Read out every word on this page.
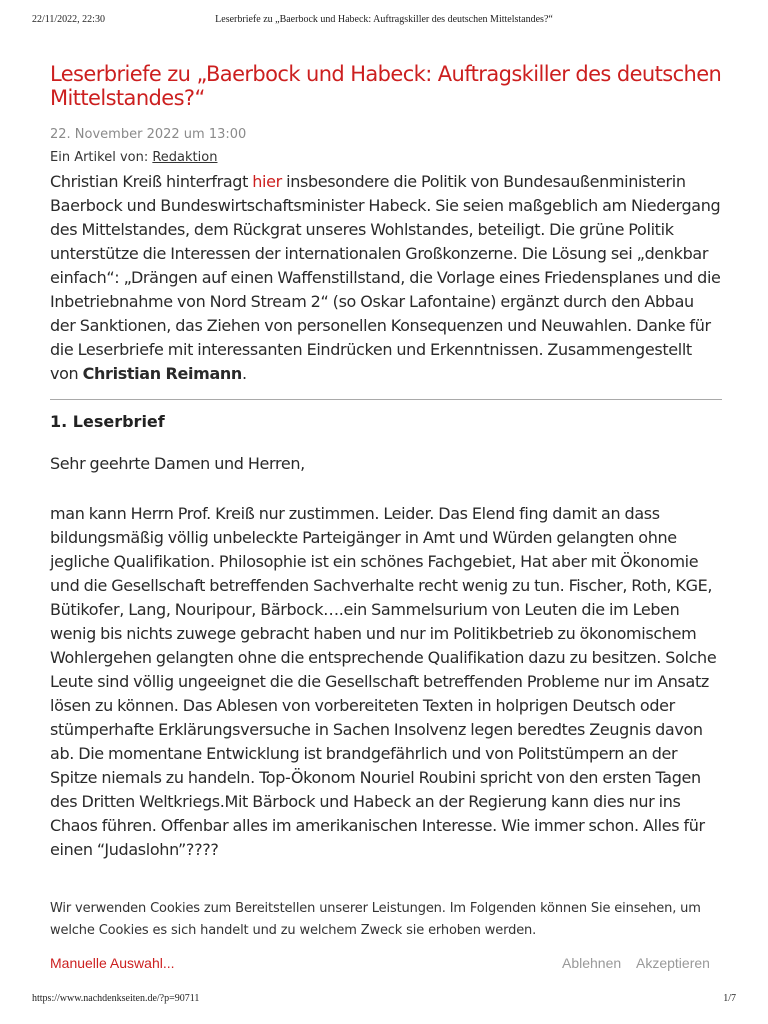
22/11/2022, 22:30	Leserbriefe zu „Baerbock und Habeck: Auftragskiller des deutschen Mittelstandes?“
Leserbriefe zu „Baerbock und Habeck: Auftragskiller des deutschen Mittelstandes?“
22. November 2022 um 13:00
Ein Artikel von: Redaktion

Christian Kreiß hinterfragt hier insbesondere die Politik von Bundesaußenministerin Baerbock und Bundeswirtschaftsminister Habeck. Sie seien maßgeblich am Niedergang des Mittelstandes, dem Rückgrat unseres Wohlstandes, beteiligt. Die grüne Politik unterstütze die Interessen der internationalen Großkonzerne. Die Lösung sei „denkbar einfach“: „Drängen auf einen Waffenstillstand, die Vorlage eines Friedensplanes und die Inbetriebnahme von Nord Stream 2“ (so Oskar Lafontaine) ergänzt durch den Abbau der Sanktionen, das Ziehen von personellen Konsequenzen und Neuwahlen. Danke für die Leserbriefe mit interessanten Eindrücken und Erkenntnissen. Zusammengestellt von Christian Reimann.

1. Leserbrief

Sehr geehrte Damen und Herren,

man kann Herrn Prof. Kreiß nur zustimmen. Leider. Das Elend fing damit an dass bildungsmäßig völlig unbeleckte Parteigänger in Amt und Würden gelangten ohne jegliche Qualifikation. Philosophie ist ein schönes Fachgebiet, Hat aber mit Ökonomie und die Gesellschaft betreffenden Sachverhalte recht wenig zu tun. Fischer, Roth, KGE, Bütikofer, Lang, Nouripour, Bärbock….ein Sammelsurium von Leuten die im Leben wenig bis nichts zuwege gebracht haben und nur im Politikbetrieb zu ökonomischem Wohlergehen gelangten ohne die entsprechende Qualifikation dazu zu besitzen. Solche Leute sind völlig ungeeignet die die Gesellschaft betreffenden Probleme nur im Ansatz lösen zu können. Das Ablesen von vorbereiteten Texten in holprigen Deutsch oder stümperhafte Erklärungsversuche in Sachen Insolvenz legen beredtes Zeugnis davon ab. Die momentane Entwicklung ist brandgefährlich und von Politstümpern an der Spitze niemals zu handeln. Top-Ökonom Nouriel Roubini spricht von den ersten Tagen des Dritten Weltkriegs.Mit Bärbock und Habeck an der Regierung kann dies nur ins Chaos führen. Offenbar alles im amerikanischen Interesse. Wie immer schon. Alles für einen “Judaslohn”????

Wir verwenden Cookies zum Bereitstellen unserer Leistungen. Im Folgenden können Sie einsehen, um welche Cookies es sich handelt und zu welchem Zweck sie erhoben werden.
Manuelle Auswahl...	Ablehnen Akzeptieren
https://www.nachdenkseiten.de/?p=90711	1/7
